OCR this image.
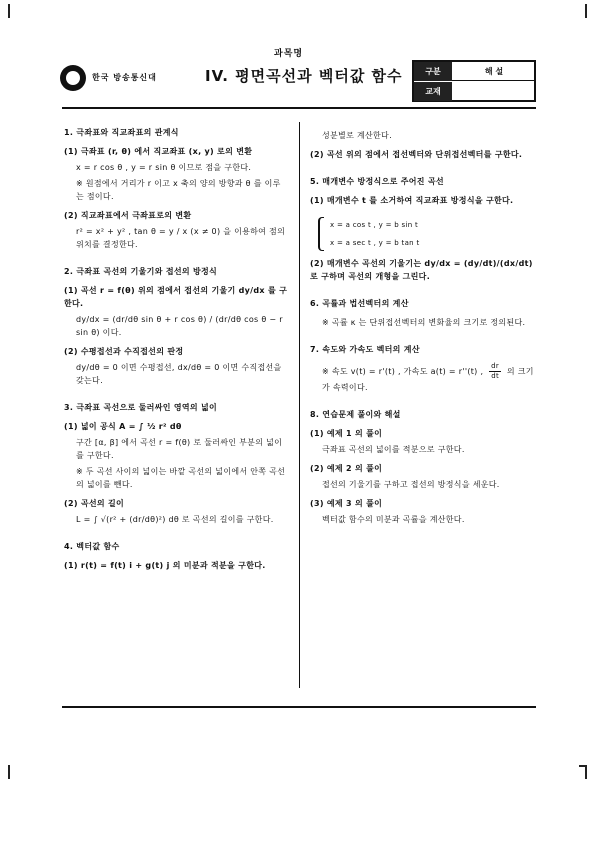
과목명
한국 방송통신대	IV. 평면곡선과 벡터값 함수	구분	해 설
교재
1. 극좌표와 직교좌표의 관계식
(1) 극좌표 (r, θ) 에서 직교좌표 (x, y) 로의 변환
x = r cos θ , y = r sin θ 이므로 점을 구한다.
※ 원점에서 거리가 r 이고 x 축의 양의 방향과 θ 를 이루는 점이다.
(2) 직교좌표에서 극좌표로의 변환
r² = x² + y² , tan θ = y / x (x ≠ 0) 을 이용하여 점의 위치를 결정한다.
2. 극좌표 곡선의 기울기와 접선의 방정식
(1) 곡선 r = f(θ) 위의 점에서 접선의 기울기 dy/dx 를 구한다.
dy/dx = (dr/dθ sin θ + r cos θ) / (dr/dθ cos θ − r sin θ) 이다.
(2) 수평접선과 수직접선의 판정
dy/dθ = 0 이면 수평접선, dx/dθ = 0 이면 수직접선을 갖는다.
3. 극좌표 곡선으로 둘러싸인 영역의 넓이
(1) 넓이 공식 A = ∫ ½ r² dθ
구간 [α, β] 에서 곡선 r = f(θ) 로 둘러싸인 부분의 넓이를 구한다.
※ 두 곡선 사이의 넓이는 바깥 곡선의 넓이에서 안쪽 곡선의 넓이를 뺀다.
(2) 곡선의 길이
L = ∫ √(r² + (dr/dθ)²) dθ 로 곡선의 길이를 구한다.
4. 벡터값 함수
(1) r(t) = f(t) i + g(t) j 의 미분과 적분을 구한다.
성분별로 계산한다.
(2) 곡선 위의 점에서 접선벡터와 단위접선벡터를 구한다.
5. 매개변수 방정식으로 주어진 곡선
(1) 매개변수 t 를 소거하여 직교좌표 방정식을 구한다.
x = a cos t , y = b sin t
x = a sec t , y = b tan t
(2) 매개변수 곡선의 기울기는 dy/dx = (dy/dt)/(dx/dt) 로 구하며 곡선의 개형을 그린다.
6. 곡률과 법선벡터의 계산
※ 곡률 κ 는 단위접선벡터의 변화율의 크기로 정의된다.
7. 속도와 가속도 벡터의 계산
※ 속도 v(t) = r'(t) , 가속도 a(t) = r''(t) , $\frac{dr}{dt}$ 의 크기가 속력이다.
8. 연습문제 풀이와 해설
(1) 예제 1 의 풀이
극좌표 곡선의 넓이를 적분으로 구한다.
(2) 예제 2 의 풀이
접선의 기울기를 구하고 접선의 방정식을 세운다.
(3) 예제 3 의 풀이
벡터값 함수의 미분과 곡률을 계산한다.
